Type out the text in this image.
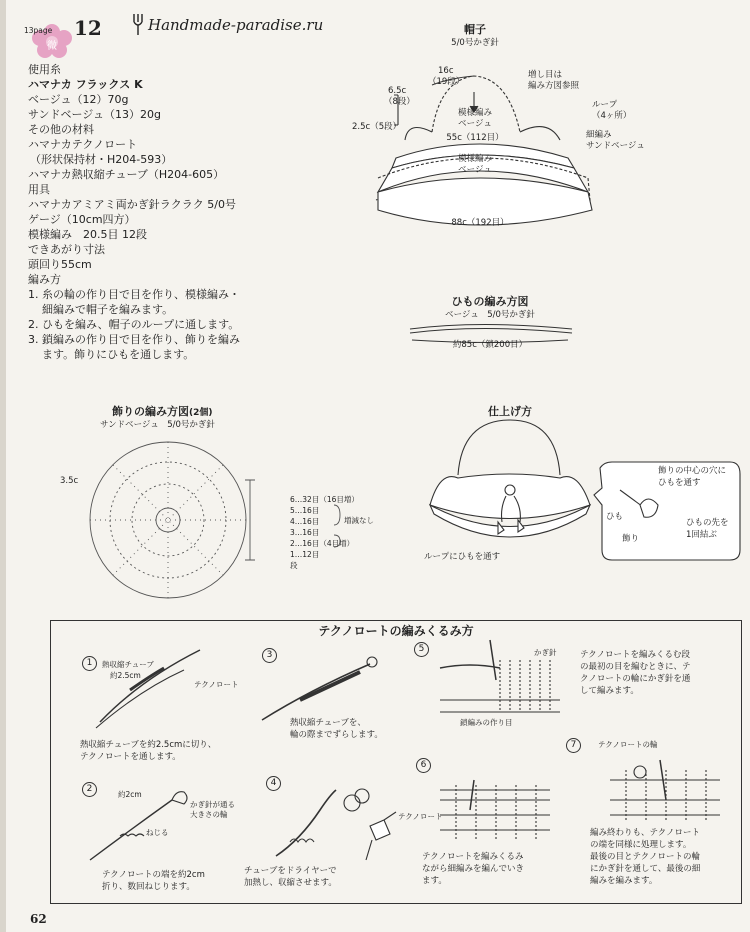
13page 12
微
Handmade-paradise.ru
使用糸
ハマナカ フラックス K
ベージュ（12）70g
サンドベージュ（13）20g
その他の材料
ハマナカテクノロート
（形状保持材・H204-593）
ハマナカ熱収縮チューブ（H204-605）
用具
ハマナカアミアミ両かぎ針ラクラク 5/0号
ゲージ（10cm四方）
模様編み　20.5目 12段
できあがり寸法
頭回り55cm
編み方
1. 糸の輪の作り目で目を作り、模様編み・
細編みで帽子を編みます。
2. ひもを編み、帽子のループに通します。
3. 鎖編みの作り目で目を作り、飾りを編み
ます。飾りにひもを通します。
帽子
5/0号かぎ針
16c
（19段）
6.5c
（8段）
2.5c（5段）
増し目は
編み方図参照
ループ
（4ヶ所）
細編み
サンドベージュ
模様編み
ベージュ
55c（112目）
模様編み
ベージュ
88c（192目）
ひもの編み方図
ベージュ　5/0号かぎ針
約85c（鎖200目）
飾りの編み方図(2個)
サンドベージュ　5/0号かぎ針
3.5c
6…32目（16目増）
5…16目
4…16目
3…16目
2…16目（4目増）
1…12目
段
増減なし
仕上げ方
ループにひもを通す
飾りの中心の穴に
ひもを通す
ひも
飾り
ひもの先を
1回結ぶ
テクノロートの編みくるみ方
1	熱収縮チューブ
約2.5cm
テクノロート
熱収縮チューブを約2.5cmに切り、
テクノロートを通します。
2
約2cm
かぎ針が通る
大きさの輪
ねじる
テクノロートの端を約2cm
折り、数回ねじります。
3
熱収縮チューブを、
輪の際までずらします。
4
チューブをドライヤーで
加熱し、収縮させます。
5	かぎ針
鎖編みの作り目
テクノロートを編みくるむ段
の最初の目を編むときに、テ
クノロートの輪にかぎ針を通
して編みます。
6
テクノロート
テクノロートを編みくるみ
ながら細編みを編んでいき
ます。
7	テクノロートの輪
編み終わりも、テクノロート
の端を同様に処理します。
最後の目とテクノロートの輪
にかぎ針を通して、最後の細
編みを編みます。
62
